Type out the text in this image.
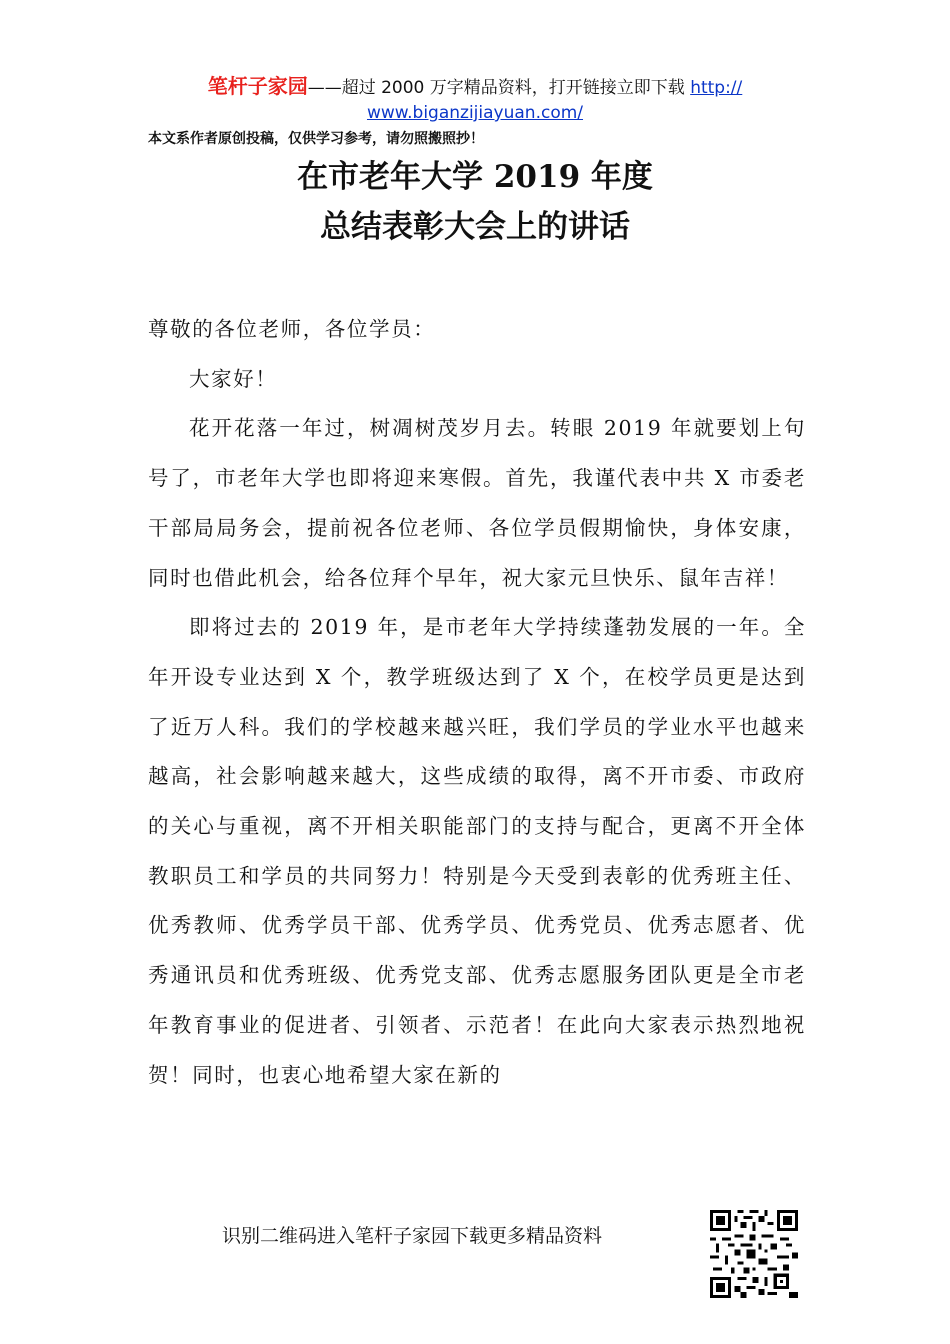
笔杆子家园——超过 2000 万字精品资料，打开链接立即下载 http://
www.biganzijiayuan.com/
本文系作者原创投稿，仅供学习参考，请勿照搬照抄！
在市老年大学 2019 年度
总结表彰大会上的讲话

尊敬的各位老师，各位学员：

大家好！

花开花落一年过，树凋树茂岁月去。转眼 2019 年就要划上句号了，市老年大学也即将迎来寒假。首先，我谨代表中共 X 市委老干部局局务会，提前祝各位老师、各位学员假期愉快，身体安康，同时也借此机会，给各位拜个早年，祝大家元旦快乐、鼠年吉祥！

即将过去的 2019 年，是市老年大学持续蓬勃发展的一年。全年开设专业达到 X 个，教学班级达到了 X 个，在校学员更是达到了近万人科。我们的学校越来越兴旺，我们学员的学业水平也越来越高，社会影响越来越大，这些成绩的取得，离不开市委、市政府的关心与重视，离不开相关职能部门的支持与配合，更离不开全体教职员工和学员的共同努力！特别是今天受到表彰的优秀班主任、优秀教师、优秀学员干部、优秀学员、优秀党员、优秀志愿者、优秀通讯员和优秀班级、优秀党支部、优秀志愿服务团队更是全市老年教育事业的促进者、引领者、示范者！在此向大家表示热烈地祝贺！同时，也衷心地希望大家在新的

识别二维码进入笔杆子家园下载更多精品资料
